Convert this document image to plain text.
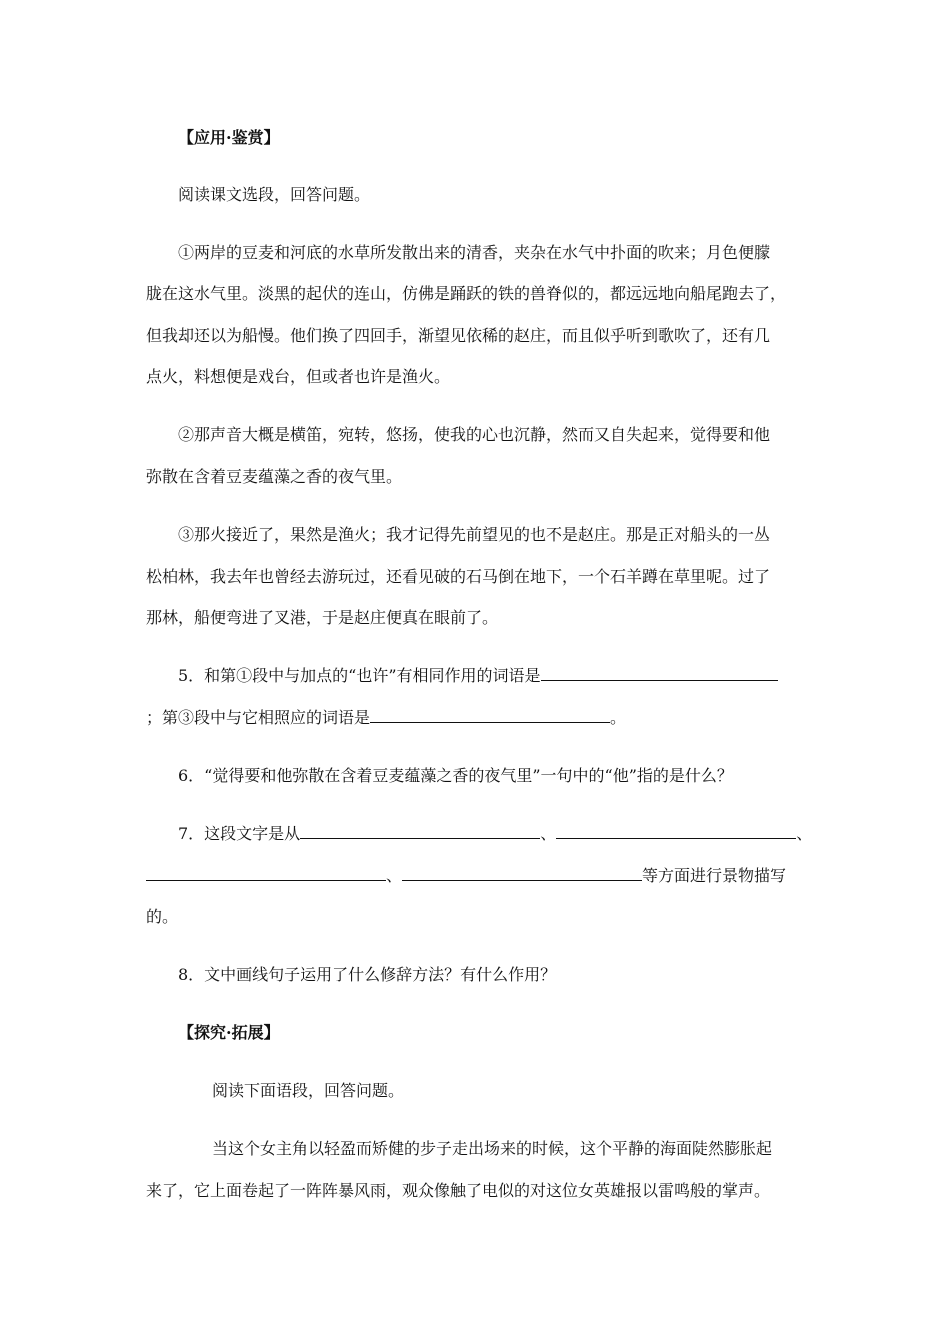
【应用·鉴赏】
阅读课文选段，回答问题。
①两岸的豆麦和河底的水草所发散出来的清香，夹杂在水气中扑面的吹来；月色便朦
胧在这水气里。淡黑的起伏的连山，仿佛是踊跃的铁的兽脊似的，都远远地向船尾跑去了，
但我却还以为船慢。他们换了四回手，渐望见依稀的赵庄，而且似乎听到歌吹了，还有几
点火，料想便是戏台，但或者也许是渔火。
②那声音大概是横笛，宛转，悠扬，使我的心也沉静，然而又自失起来，觉得要和他
弥散在含着豆麦蕴藻之香的夜气里。
③那火接近了，果然是渔火；我才记得先前望见的也不是赵庄。那是正对船头的一丛
松柏林，我去年也曾经去游玩过，还看见破的石马倒在地下，一个石羊蹲在草里呢。过了
那林，船便弯进了叉港，于是赵庄便真在眼前了。
5．和第①段中与加点的“也许”有相同作用的词语是
；第③段中与它相照应的词语是	。
6．“觉得要和他弥散在含着豆麦蕴藻之香的夜气里”一句中的“他”指的是什么？
7．这段文字是从	、	、
、	等方面进行景物描写
的。
8．文中画线句子运用了什么修辞方法？有什么作用？
【探究·拓展】
阅读下面语段，回答问题。
当这个女主角以轻盈而矫健的步子走出场来的时候，这个平静的海面陡然膨胀起
来了，它上面卷起了一阵阵暴风雨，观众像触了电似的对这位女英雄报以雷鸣般的掌声。
